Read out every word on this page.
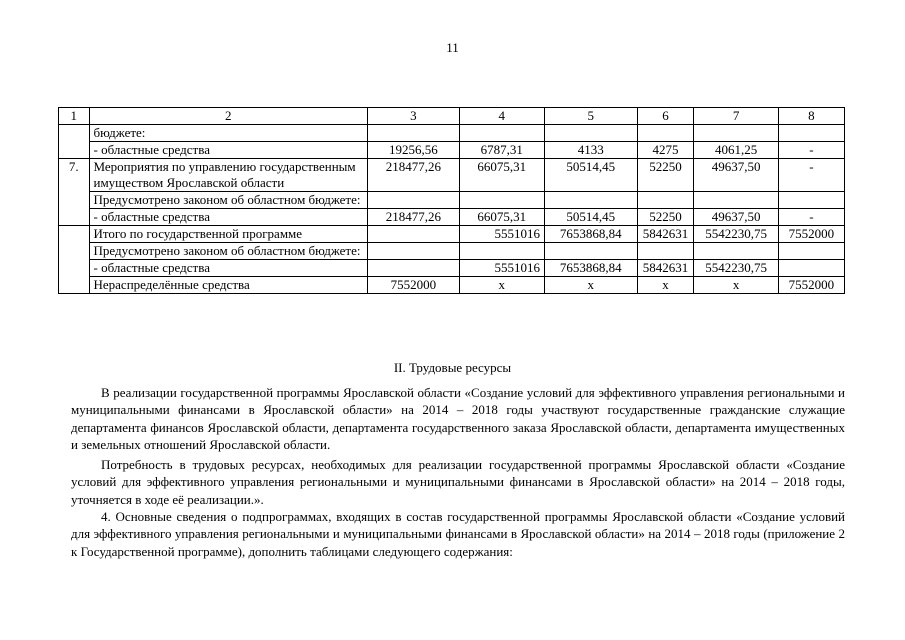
11
1	2	3	4	5	6	7	8
	бюджете:						
	- областные средства	19256,56	6787,31	4133	4275	4061,25	-
7.	Мероприятия по управлению государственным имуществом Ярославской области	218477,26	66075,31	50514,45	52250	49637,50	-
	Предусмотрено законом об областном бюджете:						
	- областные средства	218477,26	66075,31	50514,45	52250	49637,50	-
	Итого по государственной программе		5551016	7653868,84	5842631	5542230,75	7552000
	Предусмотрено законом об областном бюджете:						
	- областные средства		5551016	7653868,84	5842631	5542230,75	
	Нераспределённые средства	7552000	х	х	х	х	7552000
II. Трудовые ресурсы

В реализации государственной программы Ярославской области «Создание условий для эффективного управления региональными и муниципальными финансами в Ярославской области» на 2014 – 2018 годы участвуют государственные гражданские служащие департамента финансов Ярославской области, департамента государственного заказа Ярославской области, департамента имущественных и земельных отношений Ярославской области.

Потребность в трудовых ресурсах, необходимых для реализации государственной программы Ярославской области «Создание условий для эффективного управления региональными и муниципальными финансами в Ярославской области» на 2014 – 2018 годы, уточняется в ходе её реализации.».

4. Основные сведения о подпрограммах, входящих в состав государственной программы Ярославской области «Создание условий для эффективного управления региональными и муниципальными финансами в Ярославской области» на 2014 – 2018 годы (приложение 2 к Государственной программе), дополнить таблицами следующего содержания:
